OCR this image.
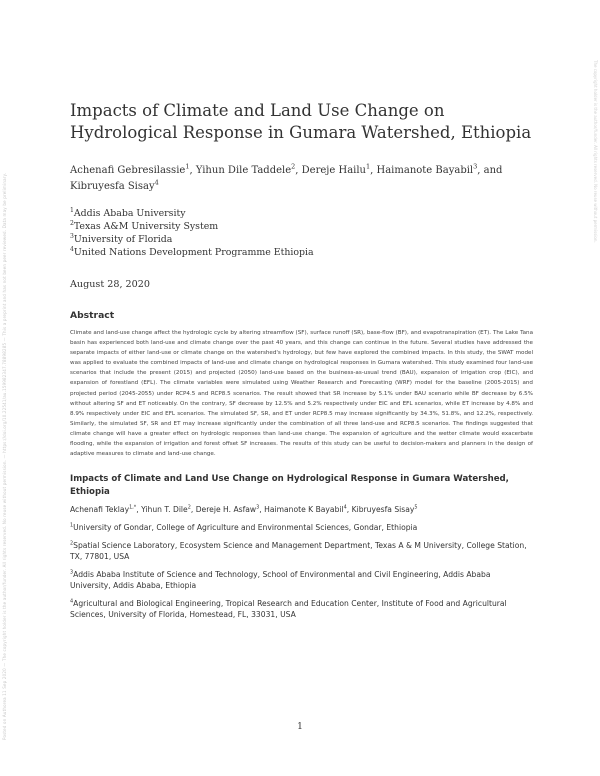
Posted on Authorea 11 Sep 2020 — The copyright holder is the author/funder. All rights reserved. No reuse without permission. — https://doi.org/10.22541/au.159982347.78898285 — This a preprint and has not been peer reviewed. Data may be preliminary.
The copyright holder is the author/funder. All rights reserved. No reuse without permission.
Impacts of Climate and Land Use Change on Hydrological Response in Gumara Watershed, Ethiopia

Achenafi Gebresilassie$^1$, Yihun Dile Taddele$^2$, Dereje Hailu$^1$, Haimanote Bayabil$^3$, and Kibruyesfa Sisay$^4$

$^1$Addis Ababa University

$^2$Texas A&M University System

$^3$University of Florida

$^4$United Nations Development Programme Ethiopia

August 28, 2020

Abstract

Climate and land-use change affect the hydrologic cycle by altering streamflow (SF), surface runoff (SR), base-flow (BF), and evapotranspiration (ET). The Lake Tana basin has experienced both land-use and climate change over the past 40 years, and this change can continue in the future. Several studies have addressed the separate impacts of either land-use or climate change on the watershed's hydrology, but few have explored the combined impacts. In this study, the SWAT model was applied to evaluate the combined impacts of land-use and climate change on hydrological responses in Gumara watershed. This study examined four land-use scenarios that include the present (2015) and projected (2050) land-use based on the business-as-usual trend (BAU), expansion of irrigation crop (EIC), and expansion of forestland (EFL). The climate variables were simulated using Weather Research and Forecasting (WRF) model for the baseline (2005-2015) and projected period (2045-2055) under RCP4.5 and RCP8.5 scenarios. The result showed that SR increase by 5.1% under BAU scenario while BF decrease by 6.5% without altering SF and ET noticeably. On the contrary, SF decrease by 12.5% and 5.2% respectively under EIC and EFL scenarios, while ET increase by 4.8% and 8.9% respectively under EIC and EFL scenarios. The simulated SF, SR, and ET under RCP8.5 may increase significantly by 34.3%, 51.8%, and 12.2%, respectively. Similarly, the simulated SF, SR and ET may increase significantly under the combination of all three land-use and RCP8.5 scenarios. The findings suggested that climate change will have a greater effect on hydrologic responses than land-use change. The expansion of agriculture and the wetter climate would exacerbate flooding, while the expansion of irrigation and forest offset SF increases. The results of this study can be useful to decision-makers and planners in the design of adaptive measures to climate and land-use change.

Impacts of Climate and Land Use Change on Hydrological Response in Gumara Watershed, Ethiopia

Achenafi Teklay$^{1,*}$, Yihun T. Dile$^2$, Dereje H. Asfaw$^3$, Haimanote K Bayabil$^4$, Kibruyesfa Sisay$^5$

$^1$University of Gondar, College of Agriculture and Environmental Sciences, Gondar, Ethiopia

$^2$Spatial Science Laboratory, Ecosystem Science and Management Department, Texas A & M University, College Station, TX, 77801, USA

$^3$Addis Ababa Institute of Science and Technology, School of Environmental and Civil Engineering, Addis Ababa University, Addis Ababa, Ethiopia

$^4$Agricultural and Biological Engineering, Tropical Research and Education Center, Institute of Food and Agricultural Sciences, University of Florida, Homestead, FL, 33031, USA

1
